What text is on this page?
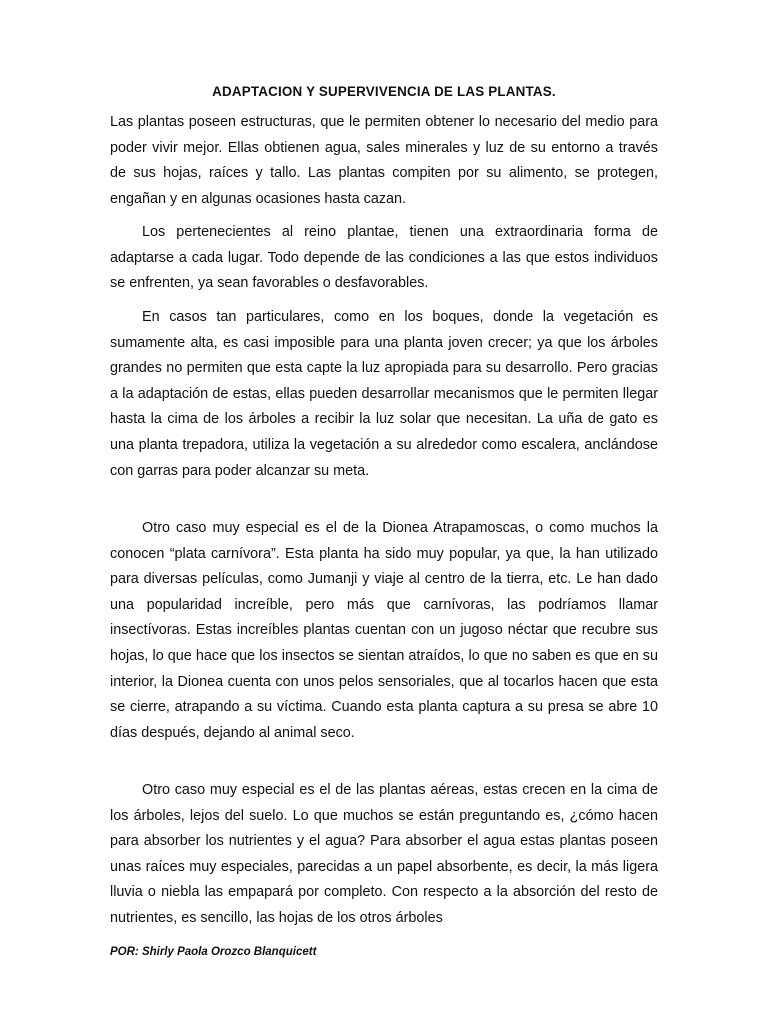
ADAPTACION Y SUPERVIVENCIA DE LAS PLANTAS.

Las plantas poseen estructuras, que le permiten obtener lo necesario del medio para poder vivir mejor. Ellas obtienen agua, sales minerales y luz de su entorno a través de sus hojas, raíces y tallo. Las plantas compiten por su alimento, se protegen, engañan y en algunas ocasiones hasta cazan.

Los pertenecientes al reino plantae, tienen una extraordinaria forma de adaptarse a cada lugar. Todo depende de las condiciones a las que estos individuos se enfrenten, ya sean favorables o desfavorables.

En casos tan particulares, como en los boques, donde la vegetación es sumamente alta, es casi imposible para una planta joven crecer; ya que los árboles grandes no permiten que esta capte la luz apropiada para su desarrollo. Pero gracias a la adaptación de estas, ellas pueden desarrollar mecanismos que le permiten llegar hasta la cima de los árboles a recibir la luz solar que necesitan. La uña de gato es una planta trepadora, utiliza la vegetación a su alrededor como escalera, anclándose con garras para poder alcanzar su meta.

Otro caso muy especial es el de la Dionea Atrapamoscas, o como muchos la conocen “plata carnívora”. Esta planta ha sido muy popular, ya que, la han utilizado para diversas películas, como Jumanji y viaje al centro de la tierra, etc. Le han dado una popularidad increíble, pero más que carnívoras, las podríamos llamar insectívoras. Estas increíbles plantas cuentan con un jugoso néctar que recubre sus hojas, lo que hace que los insectos se sientan atraídos, lo que no saben es que en su interior, la Dionea cuenta con unos pelos sensoriales, que al tocarlos hacen que esta se cierre, atrapando a su víctima. Cuando esta planta captura a su presa se abre 10 días después, dejando al animal seco.

Otro caso muy especial es el de las plantas aéreas, estas crecen en la cima de los árboles, lejos del suelo. Lo que muchos se están preguntando es, ¿cómo hacen para absorber los nutrientes y el agua? Para absorber el agua estas plantas poseen unas raíces muy especiales, parecidas a un papel absorbente, es decir, la más ligera lluvia o niebla las empapará por completo. Con respecto a la absorción del resto de nutrientes, es sencillo, las hojas de los otros árboles

POR: Shirly Paola Orozco Blanquicett
